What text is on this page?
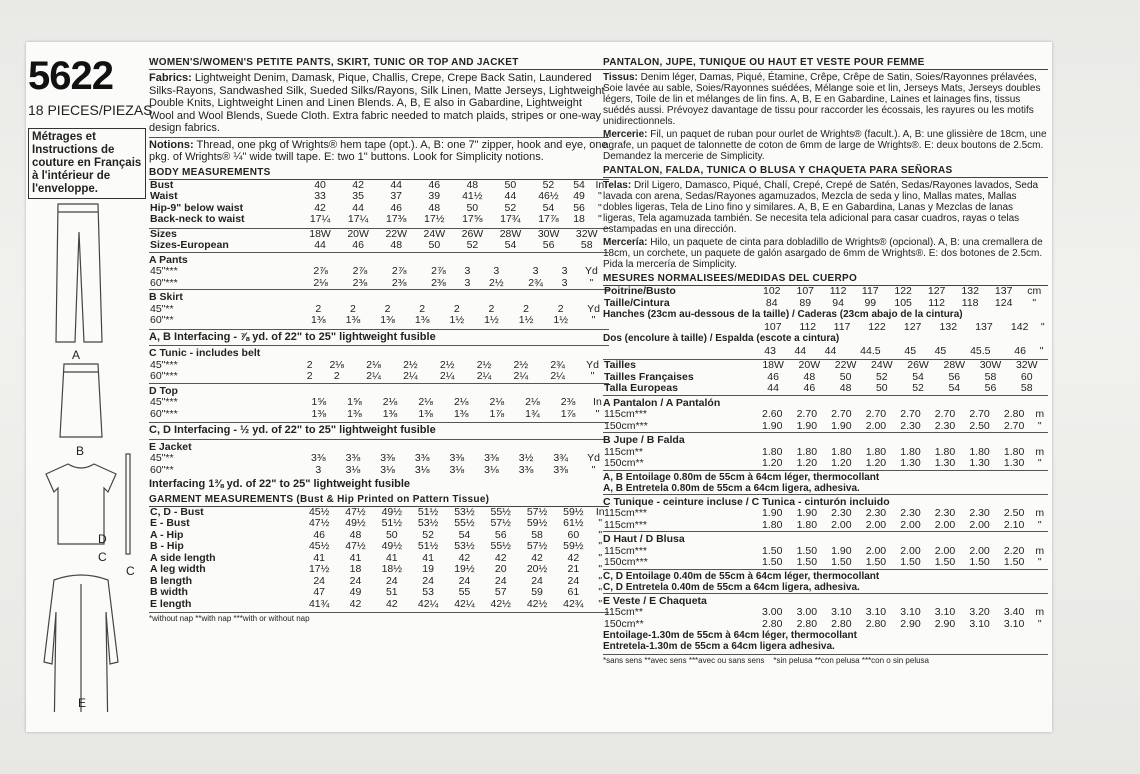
5622
18 PIECES/PIEZAS
Métrages et Instructions de couture en Français à l'intérieur de l'enveloppe.
A
B
D
C
C
E
WOMEN'S/WOMEN'S PETITE PANTS, SKIRT, TUNIC OR TOP AND JACKET
Fabrics: Lightweight Denim, Damask, Pique, Challis, Crepe, Crepe Back Satin, Laundered Silks-Rayons, Sandwashed Silk, Sueded Silks/Rayons, Silk Linen, Matte Jerseys, Lightweight Double Knits, Lightweight Linen and Linen Blends. A, B, E also in Gabardine, Lightweight Wool and Wool Blends, Suede Cloth. Extra fabric needed to match plaids, stripes or one-way design fabrics.
Notions: Thread, one pkg of Wrights® hem tape (opt.). A, B: one 7" zipper, hook and eye, one pkg. of Wrights® ¼" wide twill tape. E: two 1" buttons. Look for Simplicity notions.
BODY MEASUREMENTS
Bust	40	42	44	46	48	50	52	54	In
Waist	33	35	37	39	41½	44	46½	49	"
Hip-9" below waist	42	44	46	48	50	52	54	56	"
Back-neck to waist	17¼	17¼	17⅜	17½	17⅝	17¾	17⅞	18	"
Sizes	18W	20W	22W	24W	26W	28W	30W	32W	
Sizes-European	44	46	48	50	52	54	56	58	
A Pants
45"***	2⅞	2⅞	2⅞	2⅞	3	3	3	3	Yd
60"***	2⅛	2⅜	2⅜	2⅜	3	2½	2¾	3	"
B Skirt
45"**	2	2	2	2	2	2	2	2	Yd
60"**	1⅜	1⅜	1⅜	1⅜	1½	1½	1½	1½	"
A, B Interfacing - ⅞ yd. of 22" to 25" lightweight fusible
C Tunic - includes belt
45"***	2	2⅛	2⅛	2½	2½	2½	2½	2¾	Yd
60"***	2	2	2¼	2¼	2¼	2¼	2¼	2¼	"
D Top
45"***	1⅝	1⅝	2⅛	2⅛	2⅛	2⅛	2⅛	2⅜	In
60"***	1⅜	1⅜	1⅜	1⅜	1⅜	1⅞	1¾	1⅞	"
C, D Interfacing - ½ yd. of 22" to 25" lightweight fusible
E Jacket
45"**	3⅜	3⅜	3⅜	3⅜	3⅜	3⅜	3½	3¾	Yd
60"**	3	3⅛	3⅛	3⅛	3⅛	3⅛	3⅜	3⅜	"
Interfacing 1⅜ yd. of 22" to 25" lightweight fusible
GARMENT MEASUREMENTS (Bust & Hip Printed on Pattern Tissue)
C, D - Bust	45½	47½	49½	51½	53½	55½	57½	59½	In
E - Bust	47½	49½	51½	53½	55½	57½	59½	61½	"
A - Hip	46	48	50	52	54	56	58	60	"
B - Hip	45½	47½	49½	51½	53½	55½	57½	59½	"
A side length	41	41	41	41	42	42	42	42	"
A leg width	17½	18	18½	19	19½	20	20½	21	"
B length	24	24	24	24	24	24	24	24	"
B width	47	49	51	53	55	57	59	61	"
E length	41¾	42	42	42¼	42¼	42½	42½	42¾	"
*without nap **with nap ***with or without nap
PANTALON, JUPE, TUNIQUE OU HAUT ET VESTE POUR FEMME
Tissus: Denim léger, Damas, Piqué, Étamine, Crêpe, Crêpe de Satin, Soies/Rayonnes prélavées, Soie lavée au sable, Soies/Rayonnes suédées, Mélange soie et lin, Jerseys Mats, Jerseys doubles légers, Toile de lin et mélanges de lin fins. A, B, E en Gabardine, Laines et lainages fins, tissus suédés aussi. Prévoyez davantage de tissu pour raccorder les écossais, les rayures ou les motifs unidirectionnels.
Mercerie: Fil, un paquet de ruban pour ourlet de Wrights® (facult.). A, B: une glissière de 18cm, une agrafe, un paquet de talonnette de coton de 6mm de large de Wrights®. E: deux boutons de 2.5cm. Demandez la mercerie de Simplicity.
PANTALON, FALDA, TUNICA O BLUSA Y CHAQUETA PARA SEÑORAS
Telas: Dril Ligero, Damasco, Piqué, Chalí, Crepé, Crepé de Satén, Sedas/Rayones lavados, Seda lavada con arena, Sedas/Rayones agamuzados, Mezcla de seda y lino, Mallas mates, Mallas dobles ligeras, Tela de Lino fino y similares. A, B, E en Gabardina, Lanas y Mezclas de lanas ligeras, Tela agamuzada también. Se necesita tela adicional para casar cuadros, rayas o telas estampadas en una dirección.
Mercería: Hilo, un paquete de cinta para dobladillo de Wrights® (opcional). A, B: una cremallera de 18cm, un corchete, un paquete de galón asargado de 6mm de Wrights®. E: dos botones de 2.5cm. Pida la mercería de Simplicity.
MESURES NORMALISEES/MEDIDAS DEL CUERPO
Poitrine/Busto	102	107	112	117	122	127	132	137	cm
Taille/Cintura	84	89	94	99	105	112	118	124	"
Hanches (23cm au-dessous de la taille) / Caderas (23cm abajo de la cintura)
	107	112	117	122	127	132	137	142	"
Dos (encolure à taille) / Espalda (escote a cintura)
	43	44	44	44.5	45	45	45.5	46	"
Tailles	18W	20W	22W	24W	26W	28W	30W	32W	
Tailles Françaises	46	48	50	52	54	56	58	60	
Talla Europeas	44	46	48	50	52	54	56	58	
A Pantalon / A Pantalón
115cm***	2.60	2.70	2.70	2.70	2.70	2.70	2.70	2.80	m
150cm***	1.90	1.90	1.90	2.00	2.30	2.30	2.50	2.70	"
B Jupe / B Falda
115cm**	1.80	1.80	1.80	1.80	1.80	1.80	1.80	1.80	m
150cm**	1.20	1.20	1.20	1.20	1.30	1.30	1.30	1.30	"
A, B Entoilage 0.80m de 55cm à 64cm léger, thermocollant
A, B Entretela 0.80m de 55cm a 64cm ligera, adhesiva.
C Tunique - ceinture incluse / C Tunica - cinturón incluido
115cm***	1.90	1.90	2.30	2.30	2.30	2.30	2.30	2.50	m
115cm***	1.80	1.80	2.00	2.00	2.00	2.00	2.00	2.10	"
D Haut / D Blusa
115cm***	1.50	1.50	1.90	2.00	2.00	2.00	2.00	2.20	m
150cm***	1.50	1.50	1.50	1.50	1.50	1.50	1.50	1.50	"
C, D Entoilage 0.40m de 55cm à 64cm léger, thermocollant
C, D Entretela 0.40m de 55cm a 64cm ligera, adhesiva.
E Veste / E Chaqueta
115cm**	3.00	3.00	3.10	3.10	3.10	3.10	3.20	3.40	m
150cm**	2.80	2.80	2.80	2.80	2.90	2.90	3.10	3.10	"
Entoilage-1.30m de 55cm à 64cm léger, thermocollant
Entretela-1.30m de 55cm a 64cm ligera adhesiva.
*sans sens **avec sens ***avec ou sans sens *sin pelusa **con pelusa ***con o sin pelusa
